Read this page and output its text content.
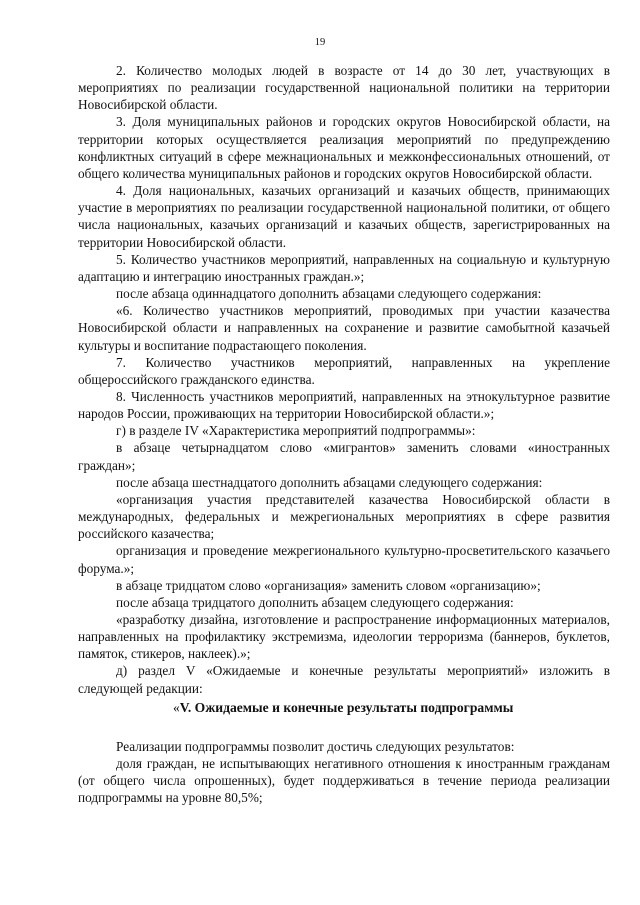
19

2. Количество молодых людей в возрасте от 14 до 30 лет, участвующих в мероприятиях по реализации государственной национальной политики на территории Новосибирской области.

3. Доля муниципальных районов и городских округов Новосибирской области, на территории которых осуществляется реализация мероприятий по предупреждению конфликтных ситуаций в сфере межнациональных и межконфессиональных отношений, от общего количества муниципальных районов и городских округов Новосибирской области.

4. Доля национальных, казачьих организаций и казачьих обществ, принимающих участие в мероприятиях по реализации государственной национальной политики, от общего числа национальных, казачьих организаций и казачьих обществ, зарегистрированных на территории Новосибирской области.

5. Количество участников мероприятий, направленных на социальную и культурную адаптацию и интеграцию иностранных граждан.»;

после абзаца одиннадцатого дополнить абзацами следующего содержания:

«6. Количество участников мероприятий, проводимых при участии казачества Новосибирской области и направленных на сохранение и развитие самобытной казачьей культуры и воспитание подрастающего поколения.

7. Количество участников мероприятий, направленных на укрепление общероссийского гражданского единства.

8. Численность участников мероприятий, направленных на этнокультурное развитие народов России, проживающих на территории Новосибирской области.»;

г) в разделе IV «Характеристика мероприятий подпрограммы»:

в абзаце четырнадцатом слово «мигрантов» заменить словами «иностранных граждан»;

после абзаца шестнадцатого дополнить абзацами следующего содержания:

«организация участия представителей казачества Новосибирской области в международных, федеральных и межрегиональных мероприятиях в сфере развития российского казачества;

организация и проведение межрегионального культурно-просветительского казачьего форума.»;

в абзаце тридцатом слово «организация» заменить словом «организацию»;

после абзаца тридцатого дополнить абзацем следующего содержания:

«разработку дизайна, изготовление и распространение информационных материалов, направленных на профилактику экстремизма, идеологии терроризма (баннеров, буклетов, памяток, стикеров, наклеек).»;

д) раздел V «Ожидаемые и конечные результаты мероприятий» изложить в следующей редакции:

«V. Ожидаемые и конечные результаты подпрограммы

Реализации подпрограммы позволит достичь следующих результатов:

доля граждан, не испытывающих негативного отношения к иностранным гражданам (от общего числа опрошенных), будет поддерживаться в течение периода реализации подпрограммы на уровне 80,5%;
